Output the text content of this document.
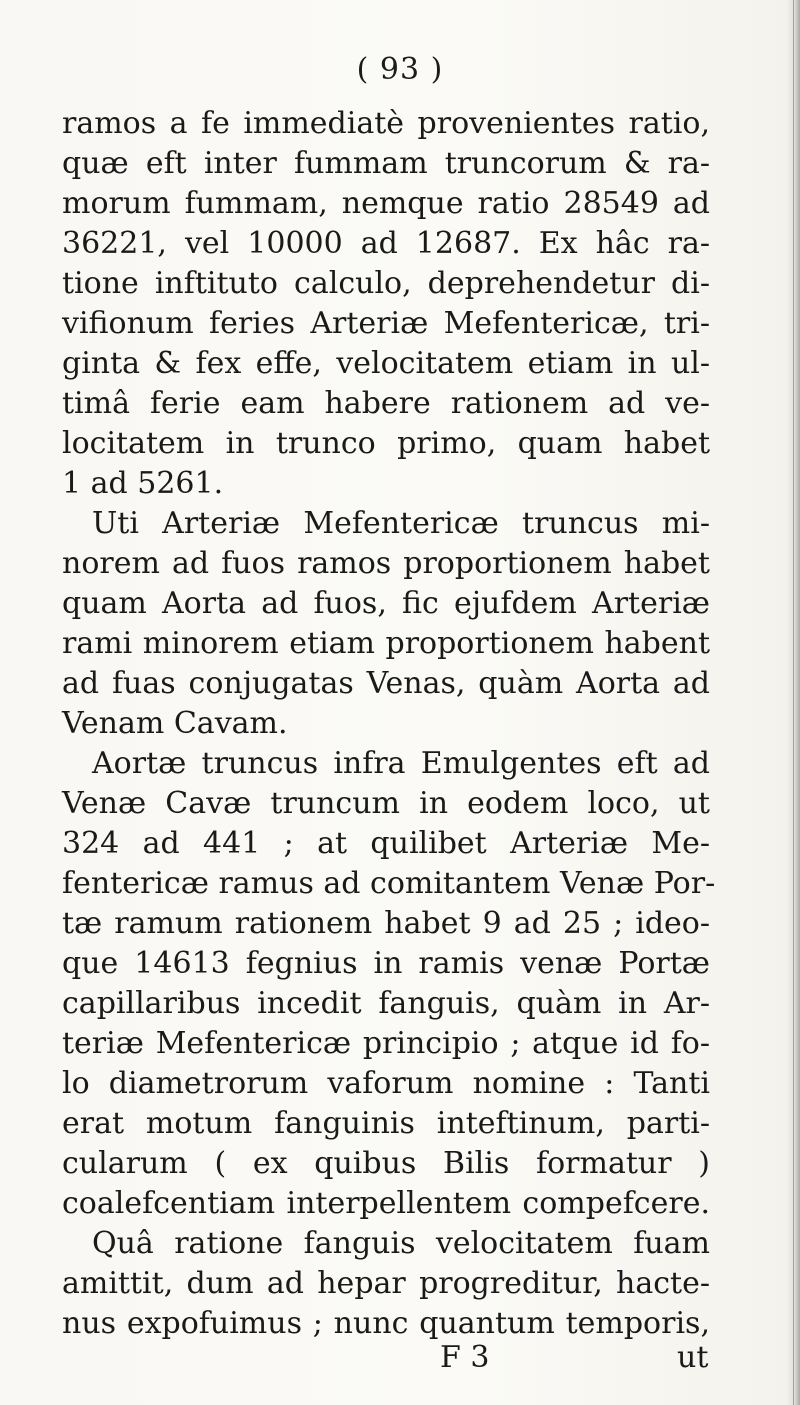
( 93 )

ramos a fe immediatè provenientes ratio,
quæ eft inter fummam truncorum & ra-
morum fummam, nemque ratio 28549 ad
36221, vel 10000 ad 12687. Ex hâc ra-
tione inftituto calculo, deprehendetur di-
vifionum feries Arteriæ Mefentericæ, tri-
ginta & fex effe, velocitatem etiam in ul-
timâ ferie eam habere rationem ad ve-
locitatem in trunco primo, quam habet
1 ad 5261.
Uti Arteriæ Mefentericæ truncus mi-
norem ad fuos ramos proportionem habet
quam Aorta ad fuos, fic ejufdem Arteriæ
rami minorem etiam proportionem habent
ad fuas conjugatas Venas, quàm Aorta ad
Venam Cavam.
Aortæ truncus infra Emulgentes eft ad
Venæ Cavæ truncum in eodem loco, ut
324 ad 441 ; at quilibet Arteriæ Me-
fentericæ ramus ad comitantem Venæ Por-
tæ ramum rationem habet 9 ad 25 ; ideo-
que 14613 fegnius in ramis venæ Portæ
capillaribus incedit fanguis, quàm in Ar-
teriæ Mefentericæ principio ; atque id fo-
lo diametrorum vaforum nomine : Tanti
erat motum fanguinis inteftinum, parti-
cularum ( ex quibus Bilis formatur )
coalefcentiam interpellentem compefcere.
Quâ ratione fanguis velocitatem fuam
amittit, dum ad hepar progreditur, hacte-
nus expofuimus ; nunc quantum temporis,
F 3	ut
